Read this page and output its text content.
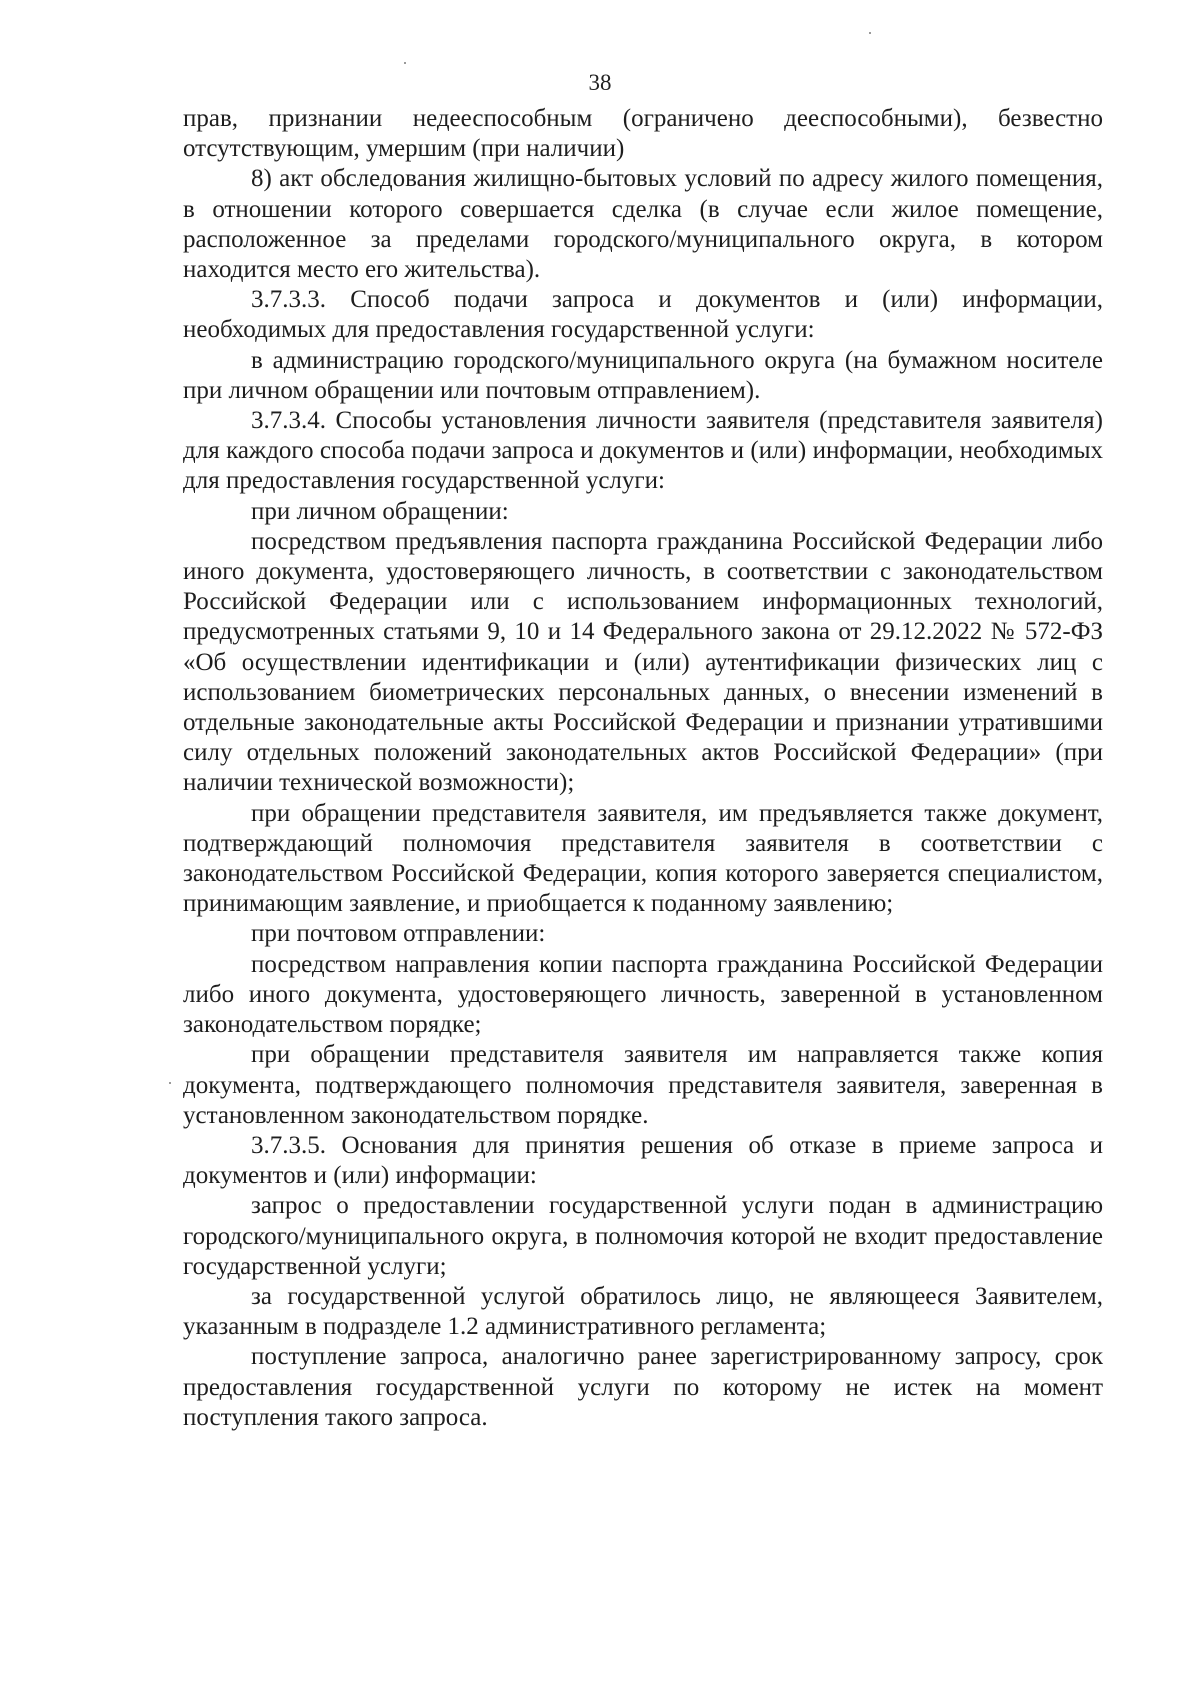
38

прав, признании недееспособным (ограничено дееспособными), безвестно отсутствующим, умершим (при наличии)

8) акт обследования жилищно-бытовых условий по адресу жилого помещения, в отношении которого совершается сделка (в случае если жилое помещение, расположенное за пределами городского/муниципального округа, в котором находится место его жительства).

3.7.3.3. Способ подачи запроса и документов и (или) информации, необходимых для предоставления государственной услуги:

в администрацию городского/муниципального округа (на бумажном носителе при личном обращении или почтовым отправлением).

3.7.3.4. Способы установления личности заявителя (представителя заявителя) для каждого способа подачи запроса и документов и (или) информации, необходимых для предоставления государственной услуги:

при личном обращении:

посредством предъявления паспорта гражданина Российской Федерации либо иного документа, удостоверяющего личность, в соответствии с законодательством Российской Федерации или с использованием информационных технологий, предусмотренных статьями 9, 10 и 14 Федерального закона от 29.12.2022 № 572-ФЗ «Об осуществлении идентификации и (или) аутентификации физических лиц с использованием биометрических персональных данных, о внесении изменений в отдельные законодательные акты Российской Федерации и признании утратившими силу отдельных положений законодательных актов Российской Федерации» (при наличии технической возможности);

при обращении представителя заявителя, им предъявляется также документ, подтверждающий полномочия представителя заявителя в соответствии с законодательством Российской Федерации, копия которого заверяется специалистом, принимающим заявление, и приобщается к поданному заявлению;

при почтовом отправлении:

посредством направления копии паспорта гражданина Российской Федерации либо иного документа, удостоверяющего личность, заверенной в установленном законодательством порядке;

при обращении представителя заявителя им направляется также копия документа, подтверждающего полномочия представителя заявителя, заверенная в установленном законодательством порядке.

3.7.3.5. Основания для принятия решения об отказе в приеме запроса и документов и (или) информации:

запрос о предоставлении государственной услуги подан в администрацию городского/муниципального округа, в полномочия которой не входит предоставление государственной услуги;

за государственной услугой обратилось лицо, не являющееся Заявителем, указанным в подразделе 1.2 административного регламента;

поступление запроса, аналогично ранее зарегистрированному запросу, срок предоставления государственной услуги по которому не истек на момент поступления такого запроса.
